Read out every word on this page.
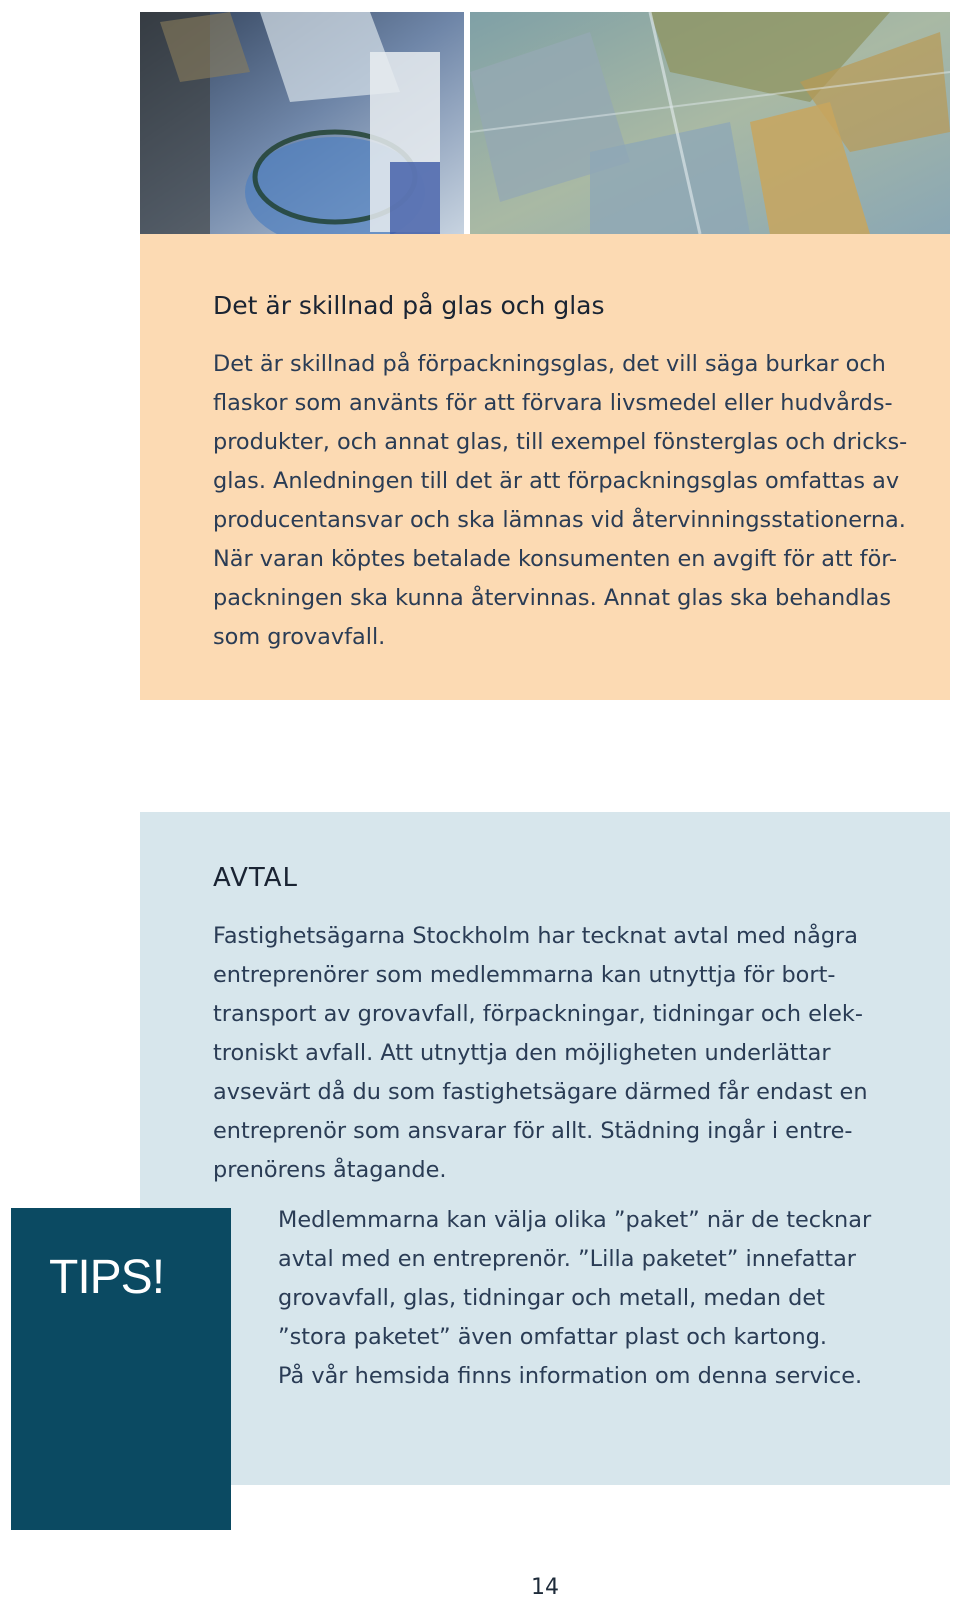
Det är skillnad på glas och glas
Det är skillnad på förpackningsglas, det vill säga burkar och
flaskor som använts för att förvara livsmedel eller hudvårds-
produkter, och annat glas, till exempel fönsterglas och dricks-
glas. Anledningen till det är att förpackningsglas omfattas av
producentansvar och ska lämnas vid återvinningsstationerna.
När varan köptes betalade konsumenten en avgift för att för-
packningen ska kunna återvinnas. Annat glas ska behandlas
som grovavfall.
AVTAL
Fastighetsägarna Stockholm har tecknat avtal med några
entreprenörer som medlemmarna kan utnyttja för bort-
transport av grovavfall, förpackningar, tidningar och elek-
troniskt avfall. Att utnyttja den möjligheten underlättar
avsevärt då du som fastighetsägare därmed får endast en
entreprenör som ansvarar för allt. Städning ingår i entre-
prenörens åtagande.
TIPS!
Medlemmarna kan välja olika ”paket” när de tecknar
avtal med en entreprenör. ”Lilla paketet” innefattar
grovavfall, glas, tidningar och metall, medan det
”stora paketet” även omfattar plast och kartong.
På vår hemsida finns information om denna service.
14
